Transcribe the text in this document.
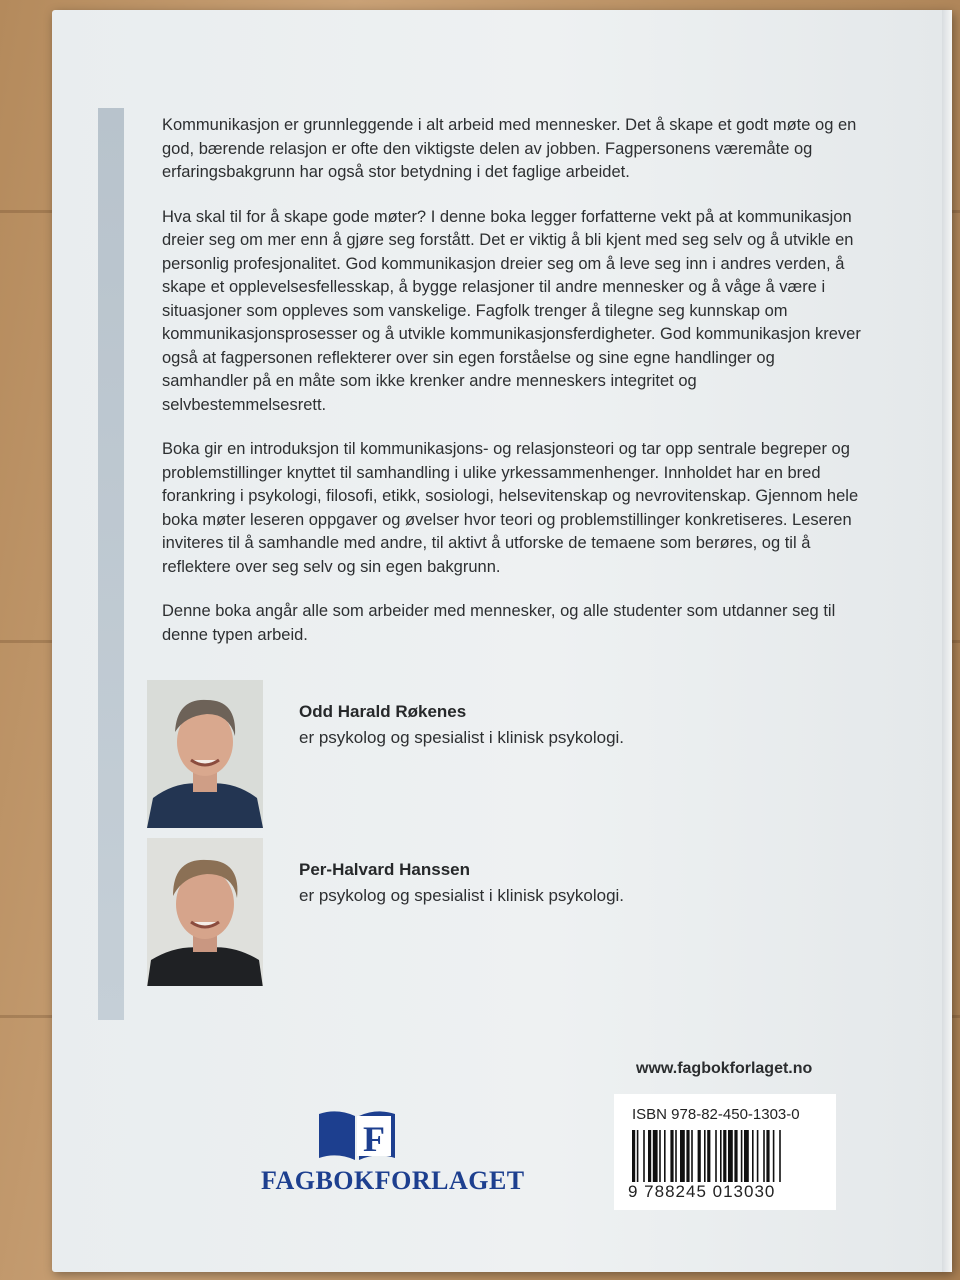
Kommunikasjon er grunnleggende i alt arbeid med mennesker. Det å skape et godt møte og en god, bærende relasjon er ofte den viktigste delen av jobben. Fagpersonens væremåte og erfaringsbakgrunn har også stor betydning i det faglige arbeidet.

Hva skal til for å skape gode møter? I denne boka legger forfatterne vekt på at kommunikasjon dreier seg om mer enn å gjøre seg forstått. Det er viktig å bli kjent med seg selv og å utvikle en personlig profesjonalitet. God kommunikasjon dreier seg om å leve seg inn i andres verden, å skape et opplevelsesfellesskap, å bygge relasjoner til andre mennesker og å våge å være i situasjoner som oppleves som vanskelige. Fagfolk trenger å tilegne seg kunnskap om kommunikasjonsprosesser og å utvikle kommunikasjonsferdigheter. God kommunikasjon krever også at fagpersonen reflekterer over sin egen forståelse og sine egne handlinger og samhandler på en måte som ikke krenker andre menneskers integritet og selvbestemmelsesrett.

Boka gir en introduksjon til kommunikasjons- og relasjonsteori og tar opp sentrale begreper og problemstillinger knyttet til samhandling i ulike yrkessammenhenger. Innholdet har en bred forankring i psykologi, filosofi, etikk, sosiologi, helsevitenskap og nevrovitenskap. Gjennom hele boka møter leseren oppgaver og øvelser hvor teori og problemstillinger konkretiseres. Leseren inviteres til å samhandle med andre, til aktivt å utforske de temaene som berøres, og til å reflektere over seg selv og sin egen bakgrunn.

Denne boka angår alle som arbeider med mennesker, og alle studenter som utdanner seg til denne typen arbeid.

Odd Harald Røkenes
er psykolog og spesialist i klinisk psykologi.
Per-Halvard Hanssen
er psykolog og spesialist i klinisk psykologi.
F
FAGBOKFORLAGET
www.fagbokforlaget.no
ISBN 978-82-450-1303-0
9 788245 013030
